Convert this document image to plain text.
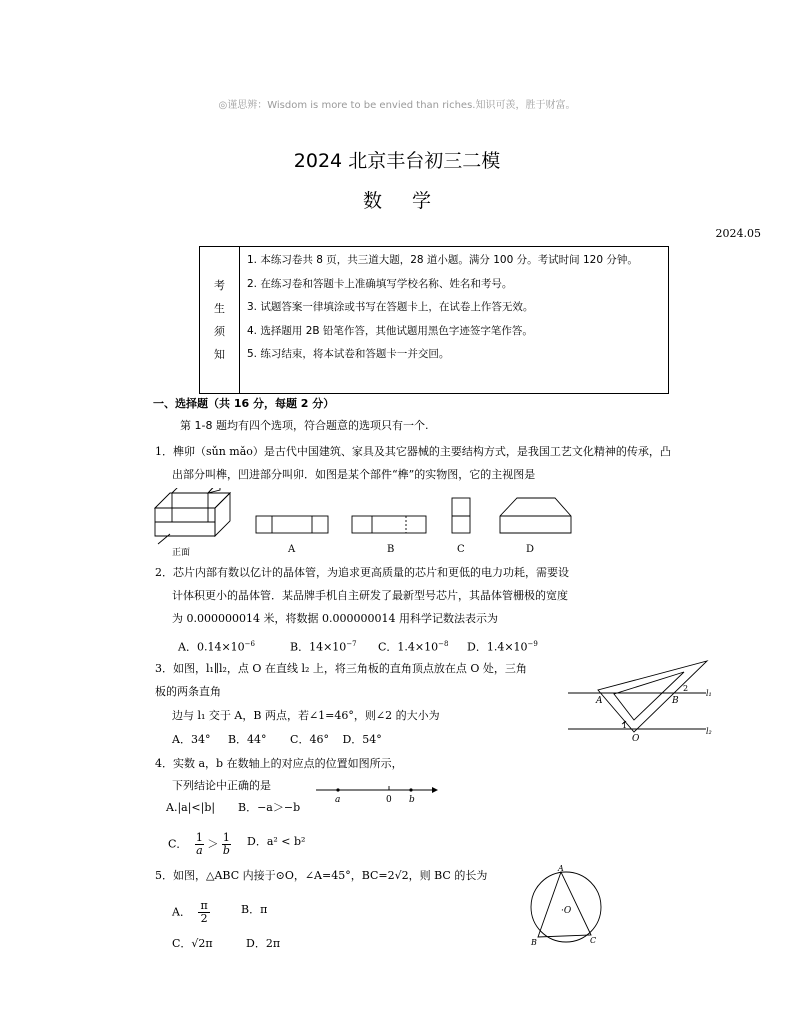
◎谨思辨：Wisdom is more to be envied than riches.知识可羡，胜于财富。
2024 北京丰台初三二模
数学
2024.05
考
生
须
知
1. 本练习卷共 8 页，共三道大题，28 道小题。满分 100 分。考试时间 120 分钟。
2. 在练习卷和答题卡上准确填写学校名称、姓名和考号。
3. 试题答案一律填涂或书写在答题卡上，在试卷上作答无效。
4. 选择题用 2B 铅笔作答，其他试题用黑色字迹签字笔作答。
5. 练习结束，将本试卷和答题卡一并交回。
一、选择题（共 16 分，每题 2 分）
第 1-8 题均有四个选项，符合题意的选项只有一个.
1．榫卯（sǔn mǎo）是古代中国建筑、家具及其它器械的主要结构方式，是我国工艺文化精神的传承，凸
出部分叫榫，凹进部分叫卯．如图是某个部件“榫”的实物图，它的主视图是
正面	A	B	C	D
2．芯片内部有数以亿计的晶体管，为追求更高质量的芯片和更低的电力功耗，需要设
计体积更小的晶体管．某品牌手机自主研发了最新型号芯片，其晶体管栅极的宽度
为 0.000000014 米，将数据 0.000000014 用科学记数法表示为
A．$0.14\times 10^{-6}$	B．$14\times 10^{-7}$ C．$1.4\times 10^{-8}$ D．$1.4\times 10^{-9}$
3．如图，l₁∥l₂，点 O 在直线 l₂ 上，将三角板的直角顶点放在点 O 处，三角
板的两条直角
边与 l₁ 交于 A，B 两点，若∠1=46°，则∠2 的大小为
A．34° B．44° C．46° D．54°
A	B
O
1
2
l₁
l₂
4．实数 a，b 在数轴上的对应点的位置如图所示，
下列结论中正确的是
A.|a|<|b| B．−a＞−b
C． $\frac{1}{a} > \frac{1}{b}$ D．a² < b²
a	0 b
5．如图，△ABC 内接于⊙O，∠A=45°，BC=2√2，则 BC 的长为
A． $\frac{\pi}{2}$	B．π
C．√2π	D．2π
A
B	C
·O
